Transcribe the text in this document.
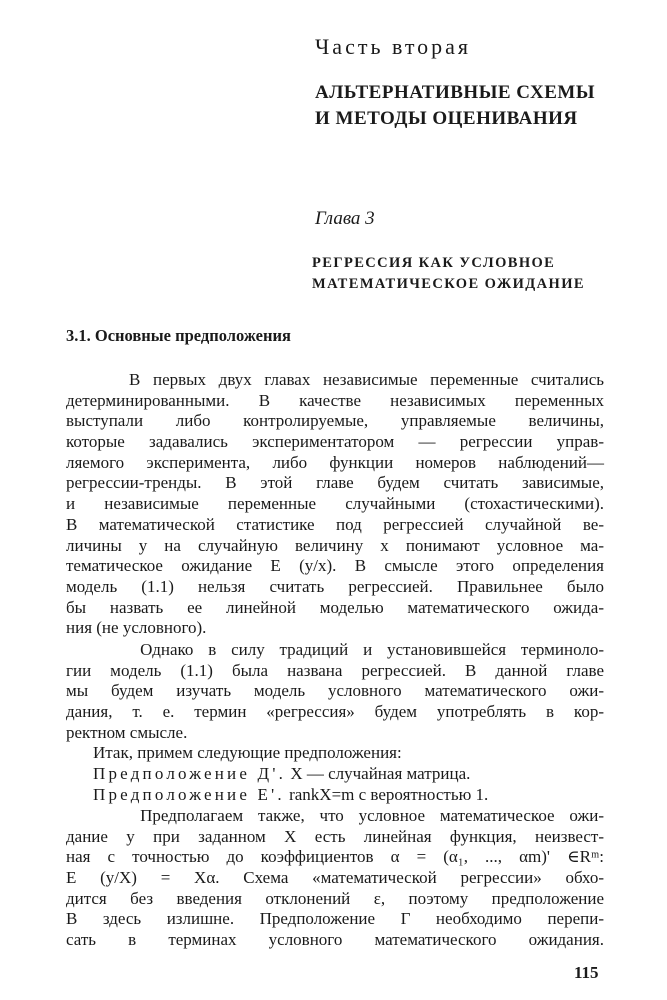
Часть вторая
АЛЬТЕРНАТИВНЫЕ СХЕМЫ
И МЕТОДЫ ОЦЕНИВАНИЯ
Глава 3
РЕГРЕССИЯ КАК УСЛОВНОЕ
МАТЕМАТИЧЕСКОЕ ОЖИДАНИЕ
3.1. Основные предположения
В первых двух главах независимые переменные считались
детерминированными. В качестве независимых переменных
выступали либо контролируемые, управляемые величины,
которые задавались экспериментатором — регрессии управ-
ляемого эксперимента, либо функции номеров наблюдений—
регрессии-тренды. В этой главе будем считать зависимые,
и независимые переменные случайными (стохастическими).
В математической статистике под регрессией случайной ве-
личины y на случайную величину x понимают условное ма-
тематическое ожидание E (y/x). В смысле этого определения
модель (1.1) нельзя считать регрессией. Правильнее было
бы назвать ее линейной моделью математического ожида-
ния (не условного).
Однако в силу традиций и установившейся терминоло-
гии модель (1.1) была названа регрессией. В данной главе
мы будем изучать модель условного математического ожи-
дания, т. е. термин «регрессия» будем употреблять в кор-
ректном смысле.
Итак, примем следующие предположения:
Предположение Д'. X — случайная матрица.
Предположение E'. rankX=m с вероятностью 1.
Предполагаем также, что условное математическое ожи-
дание y при заданном X есть линейная функция, неизвест-
ная с точностью до коэффициентов α = (α₁, ..., αm)' ∈Rᵐ:
E (y/X) = Xα. Схема «математической регрессии» обхо-
дится без введения отклонений ε, поэтому предположение
В здесь излишне. Предположение Г необходимо перепи-
сать в терминах условного математического ожидания.
115
